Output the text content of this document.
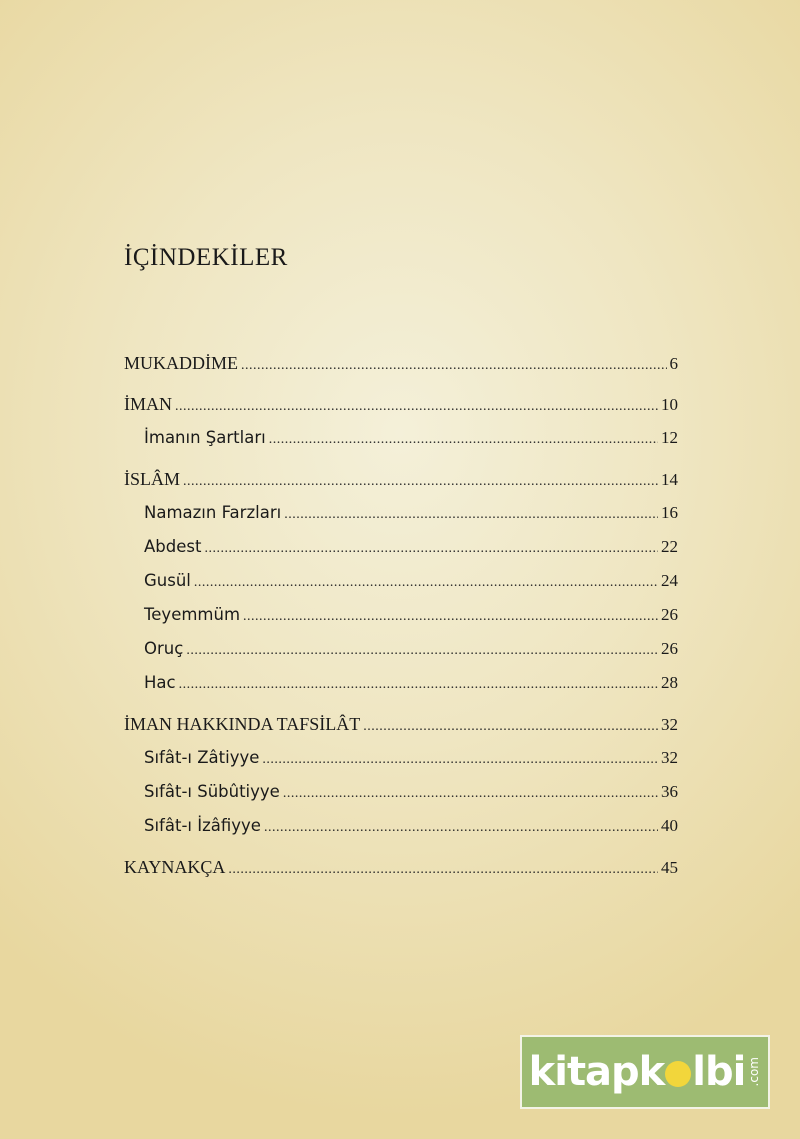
İÇİNDEKİLER
MUKADDİME .....	6
İMAN .....	10
İmanın Şartları .....	12
İSLÂM .....	14
Namazın Farzları .....	16
Abdest .....	22
Gusül .....	24
Teyemmüm .....	26
Oruç .....	26
Hac .....	28
İMAN HAKKINDA TAFSİLÂT .....	32
Sıfât-ı Zâtiyye .....	32
Sıfât-ı Sübûtiyye .....	36
Sıfât-ı İzâfiyye .....	40
KAYNAKÇA .....	45
kitapk lbi .com
